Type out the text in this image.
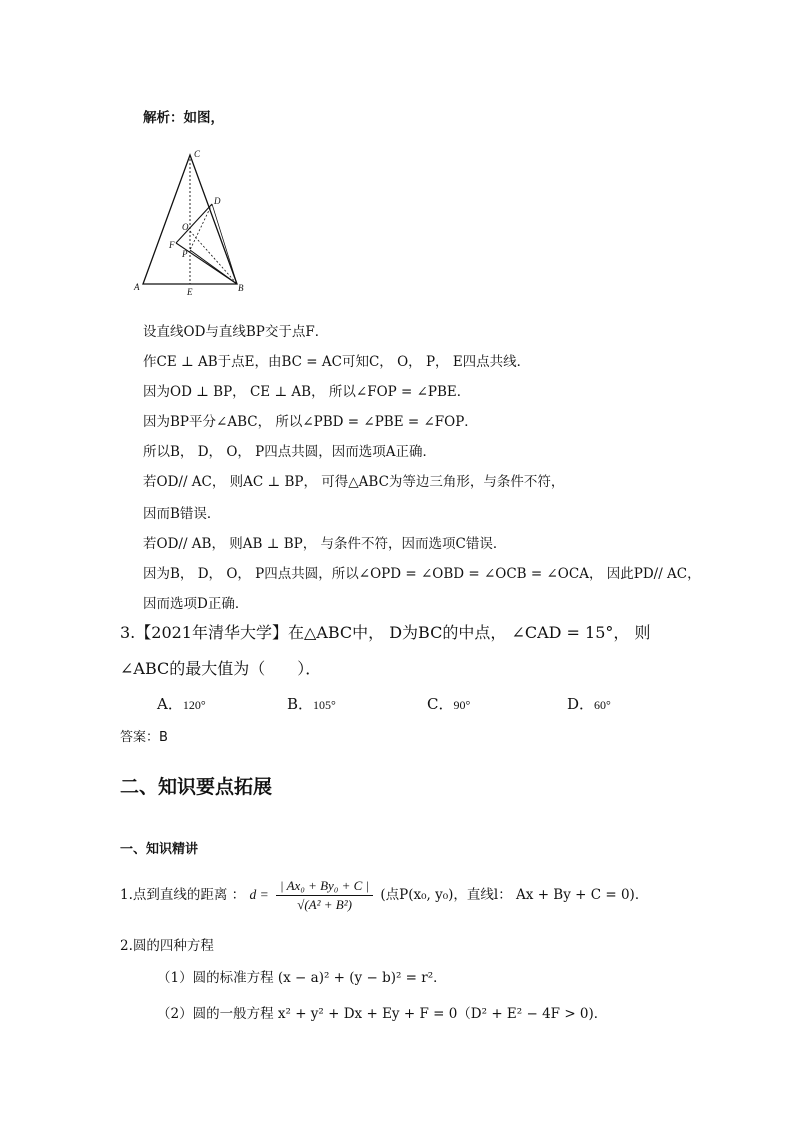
解析：如图，
C
D
O
F
P
A	E	B
设直线OD与直线BP交于点F．
作CE ⊥ AB于点E，由BC = AC可知C， O， P， E四点共线．
因为OD ⊥ BP， CE ⊥ AB， 所以∠FOP = ∠PBE．
因为BP平分∠ABC， 所以∠PBD = ∠PBE = ∠FOP．
所以B， D， O， P四点共圆，因而选项A正确．
若OD// AC， 则AC ⊥ BP， 可得△ABC为等边三角形，与条件不符，
因而B错误．
若OD// AB， 则AB ⊥ BP， 与条件不符，因而选项C错误．
因为B， D， O， P四点共圆，所以∠OPD = ∠OBD = ∠OCB = ∠OCA， 因此PD// AC，
因而选项D正确．
3.【2021年清华大学】在△ABC中， D为BC的中点， ∠CAD = 15°， 则
∠ABC的最大值为（　　）．
A．120°	B．105°	C．90°	D．60°
答案：B
二、知识要点拓展
一、知识精讲
1.点到直线的距离 ： $d = \frac{\text{| Ax₀ + By₀ + C |}}{\text{√(A² + B²)}}$ (点P(x₀, y₀)，直线l： Ax + By + C = 0)．
2.圆的四种方程
（1）圆的标准方程 (x − a)² + (y − b)² = r²．
（2）圆的一般方程 x² + y² + Dx + Ey + F = 0（D² + E² − 4F > 0)．
